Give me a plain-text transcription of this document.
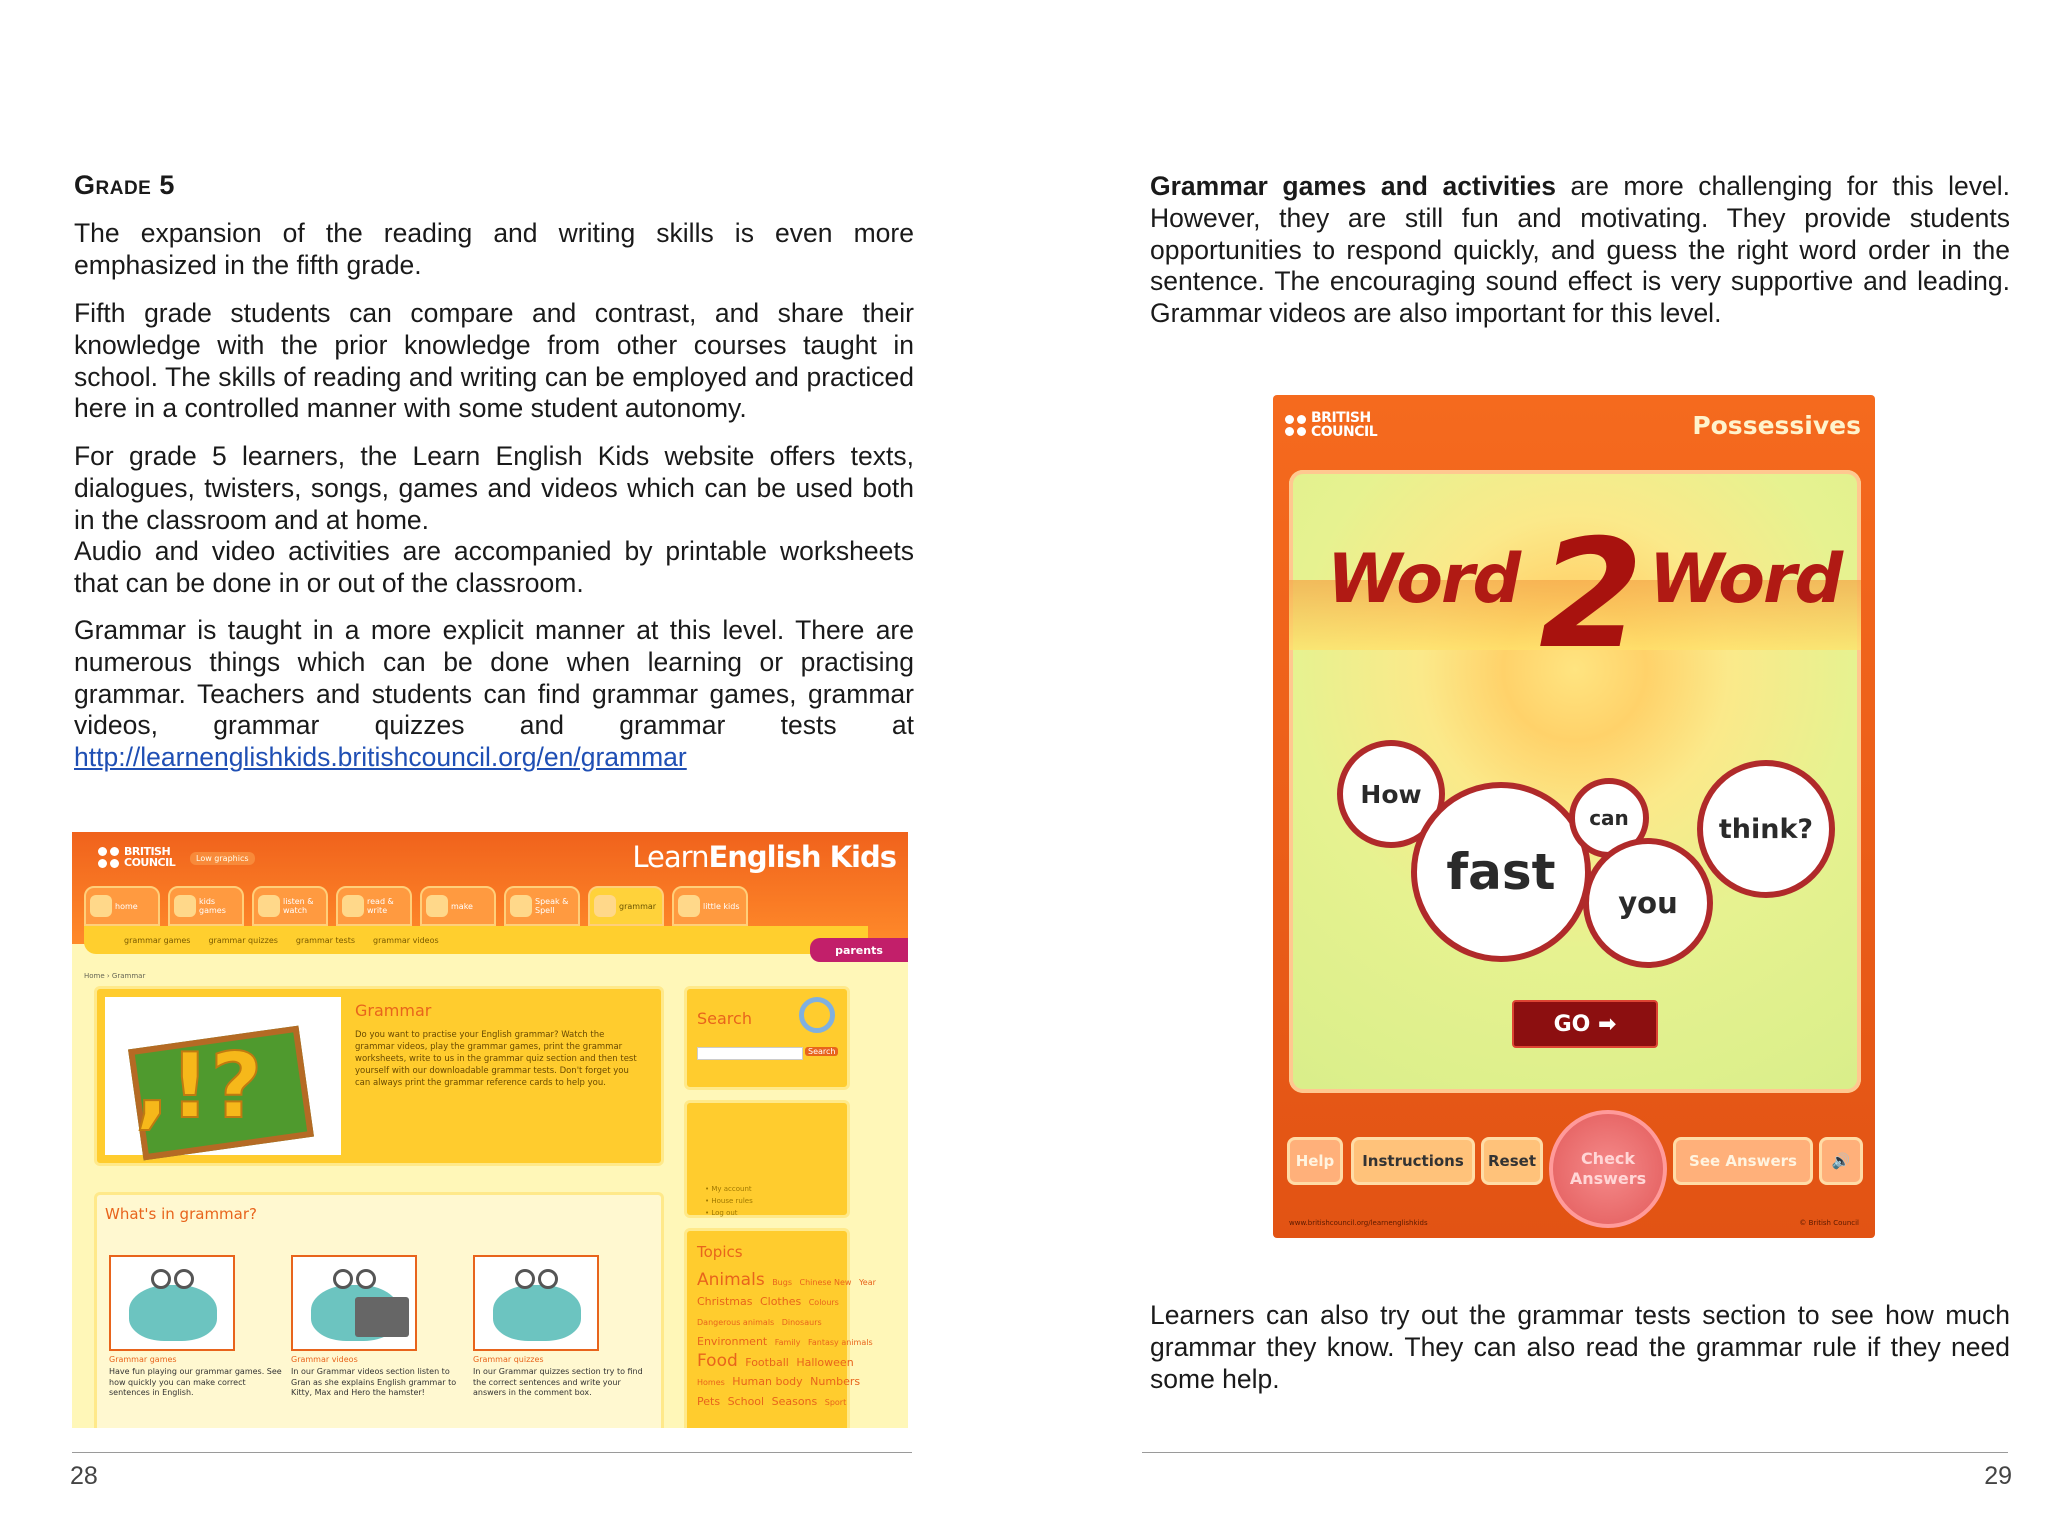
Grade 5

The expansion of the reading and writing skills is even more emphasized in the fifth grade.

Fifth grade students can compare and contrast, and share their knowledge with the prior knowledge from other courses taught in school. The skills of reading and writing can be employed and practiced here in a controlled manner with some student autonomy.

For grade 5 learners, the Learn English Kids website offers texts, dialogues, twisters, songs, games and videos which can be used both in the classroom and at home.

Audio and video activities are accompanied by printable worksheets that can be done in or out of the classroom.

Grammar is taught in a more explicit manner at this level. There are numerous things which can be done when learning or practising grammar. Teachers and students can find grammar games, grammar videos, grammar quizzes and grammar tests at http://learnenglishkids.britishcouncil.org/en/grammar

BRITISH
COUNCIL	Low graphics	LearnEnglish Kids
home	kids games
listen & watch
read & write	make	Speak & Spell	grammar	little kids
grammar games grammar quizzes grammar tests grammar videos
parents
Home › Grammar
,!?
Grammar
Do you want to practise your English grammar? Watch the grammar videos, play the grammar games, print the grammar worksheets, write to us in the grammar quiz section and then test yourself with our downloadable grammar tests. Don't forget you can always print the grammar reference cards to help you.
Search
Search
• My account
• House rules
• Log out
What's in grammar?
Grammar games
Have fun playing our grammar games. See how quickly you can make correct sentences in English.
Grammar videos
In our Grammar videos section listen to Gran as she explains English grammar to Kitty, Max and Hero the hamster!
Grammar quizzes
In our Grammar quizzes section try to find the correct sentences and write your answers in the comment box.
Topics
Animals Bugs Chinese New Year Christmas Clothes Colours Dangerous animals Dinosaurs Environment Family Fantasy animals Food Football Halloween Homes Human body Numbers Pets School Seasons Sport
28

Grammar games and activities are more challenging for this level. However, they are still fun and motivating. They provide students opportunities to respond quickly, and guess the right word order in the sentence. The encouraging sound effect is very supportive and leading. Grammar videos are also important for this level.

Learners can also try out the grammar tests section to see how much grammar they know. They can also read the grammar rule if they need some help.

29
BRITISH
COUNCIL	Possessives
2
Word Word
How
fast
can
you
think?
GO ➡
Help	Instructions	Reset	Check Answers
See Answers	🔊
www.britishcouncil.org/learnenglishkids	© British Council
